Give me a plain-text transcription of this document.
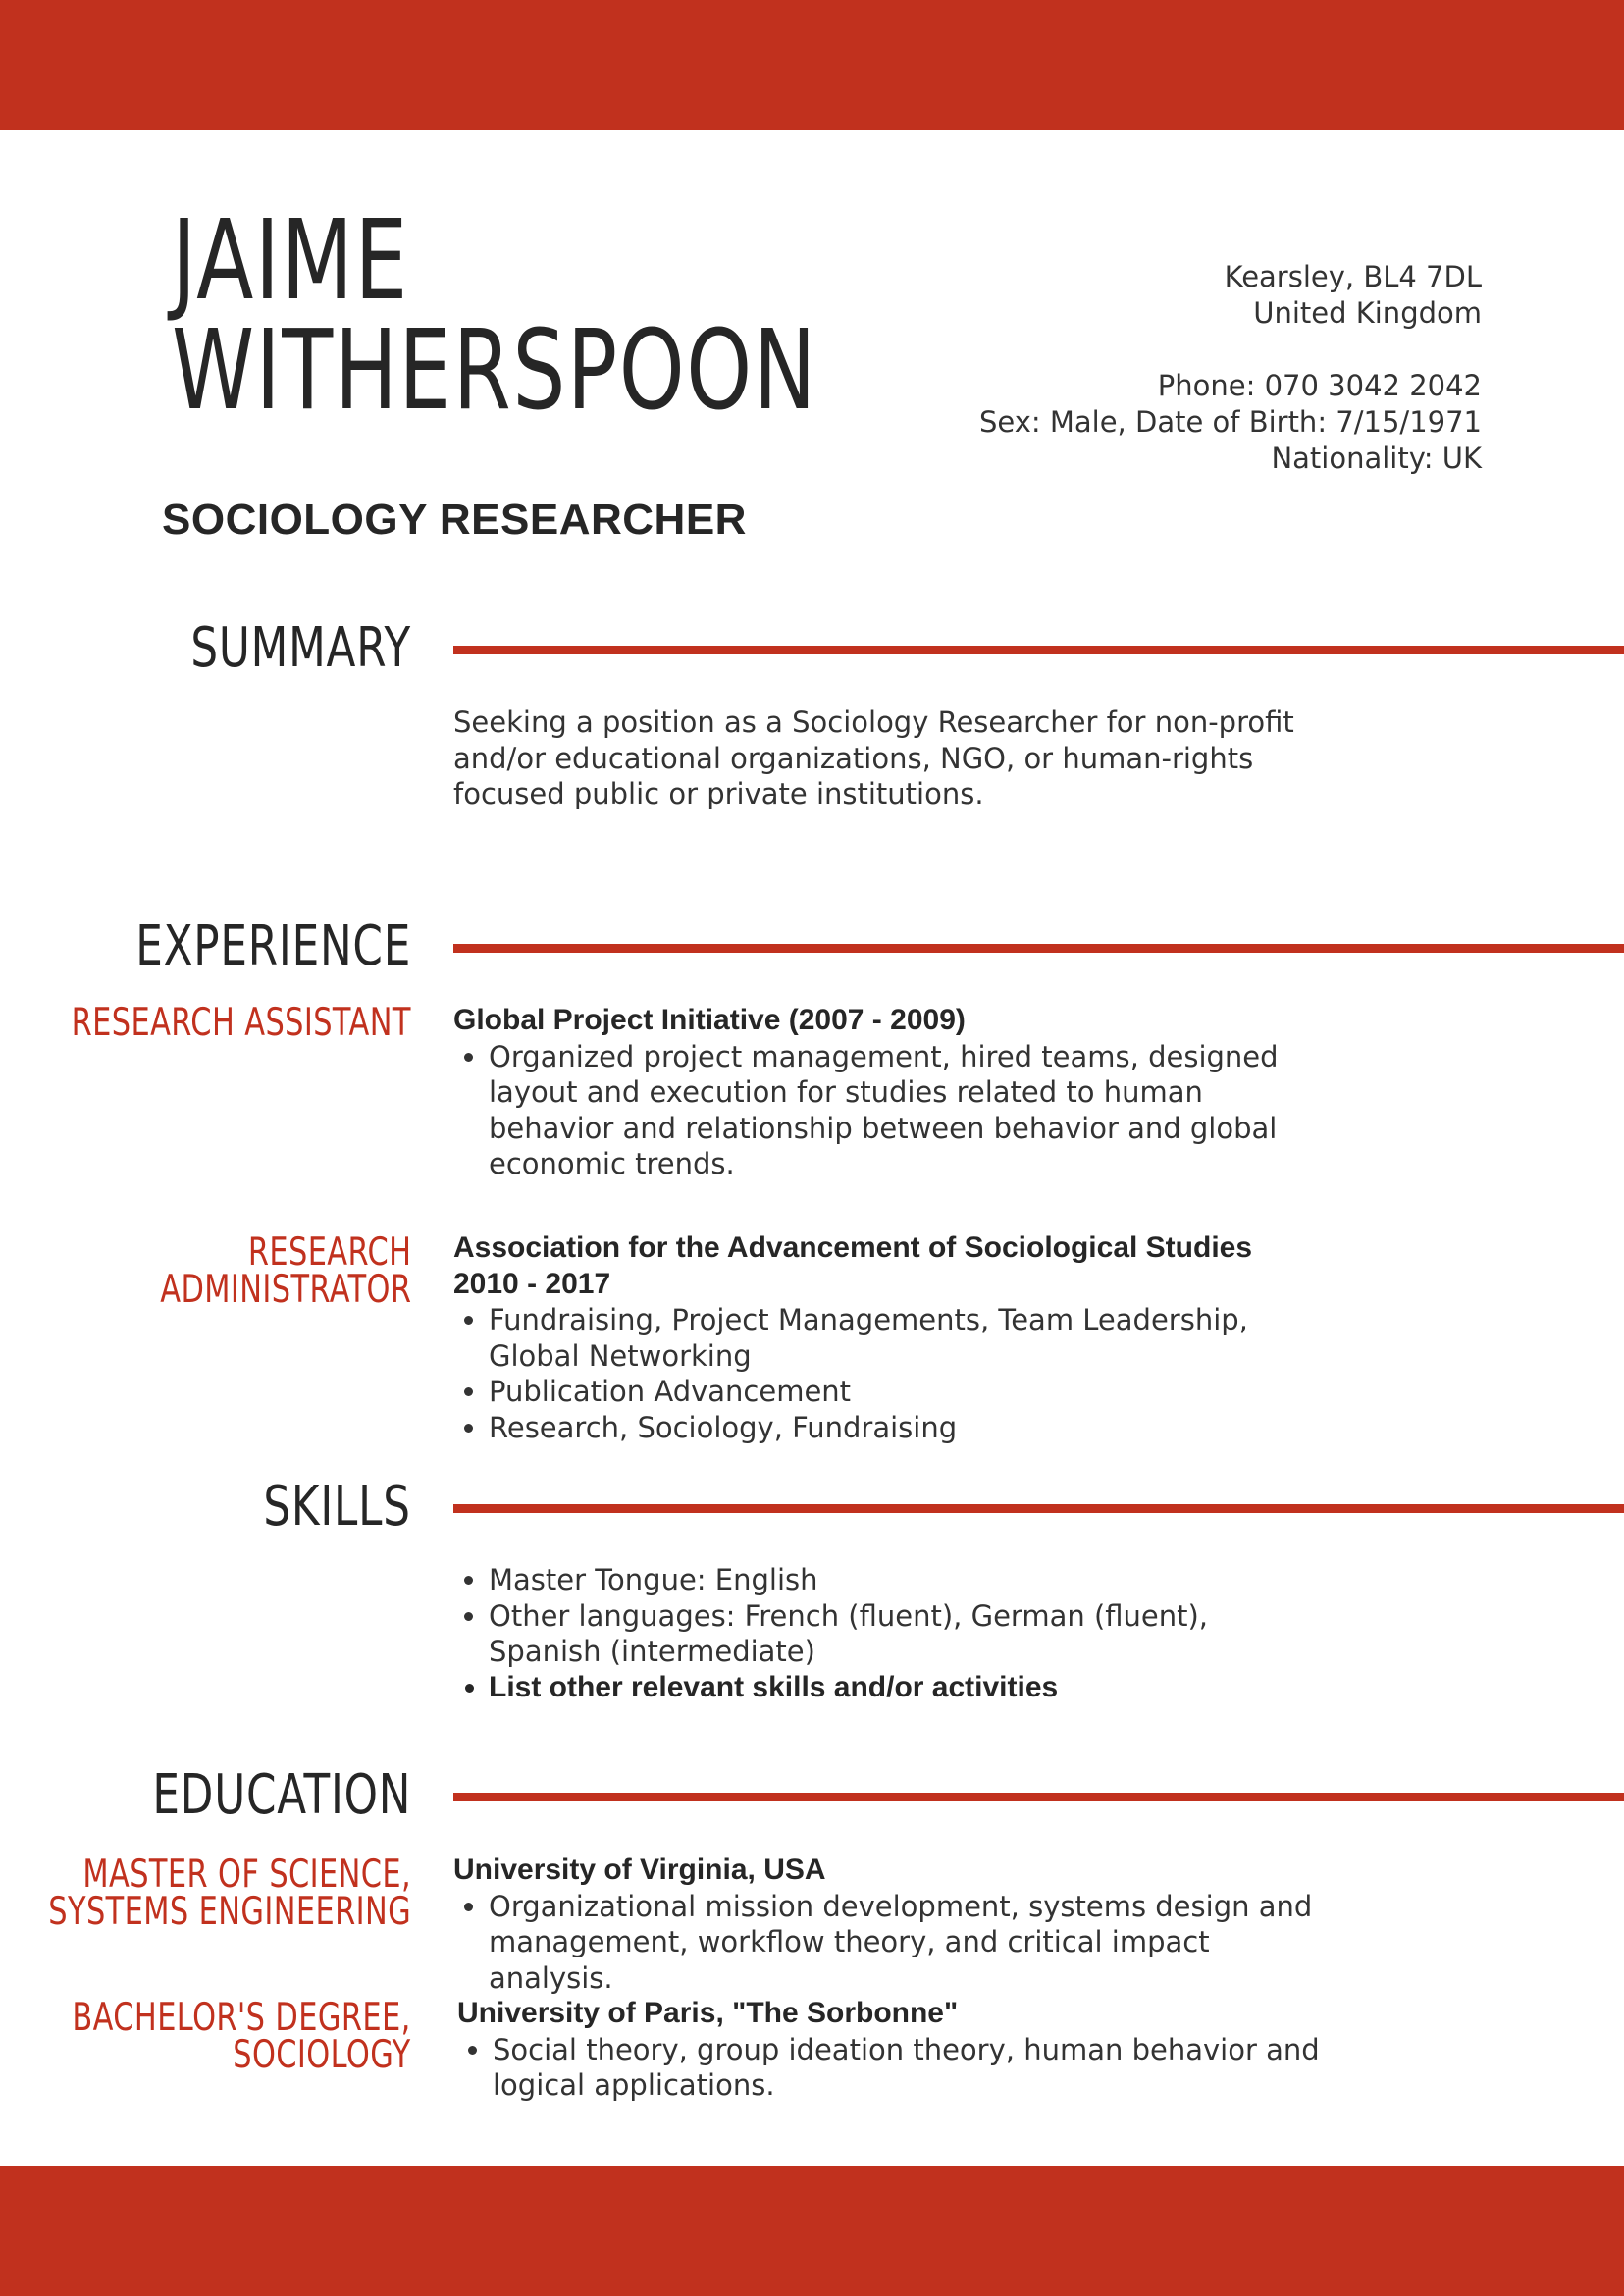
JAIME
WITHERSPOON
SOCIOLOGY RESEARCHER
Kearsley, BL4 7DL
United Kingdom
Phone: 070 3042 2042
Sex: Male, Date of Birth: 7/15/1971
Nationality: UK
SUMMARY

Seeking a position as a Sociology Researcher for non-profit and/or educational organizations, NGO, or human-rights focused public or private institutions.

EXPERIENCE
RESEARCH ASSISTANT Global Project Initiative (2007 - 2009)

• Organized project management, hired teams, designed layout and execution for studies related to human behavior and relationship between behavior and global economic trends.
RESEARCH
ADMINISTRATOR

Association for the Advancement of Sociological Studies

2010 - 2017

• Fundraising, Project Managements, Team Leadership, Global Networking
• Publication Advancement
• Research, Sociology, Fundraising
SKILLS
• Master Tongue: English
• Other languages: French (fluent), German (fluent), Spanish (intermediate)
• List other relevant skills and/or activities
EDUCATION
MASTER OF SCIENCE,
SYSTEMS ENGINEERING

University of Virginia, USA

• Organizational mission development, systems design and management, workflow theory, and critical impact analysis.
BACHELOR'S DEGREE,
SOCIOLOGY

University of Paris, "The Sorbonne"

• Social theory, group ideation theory, human behavior and logical applications.
